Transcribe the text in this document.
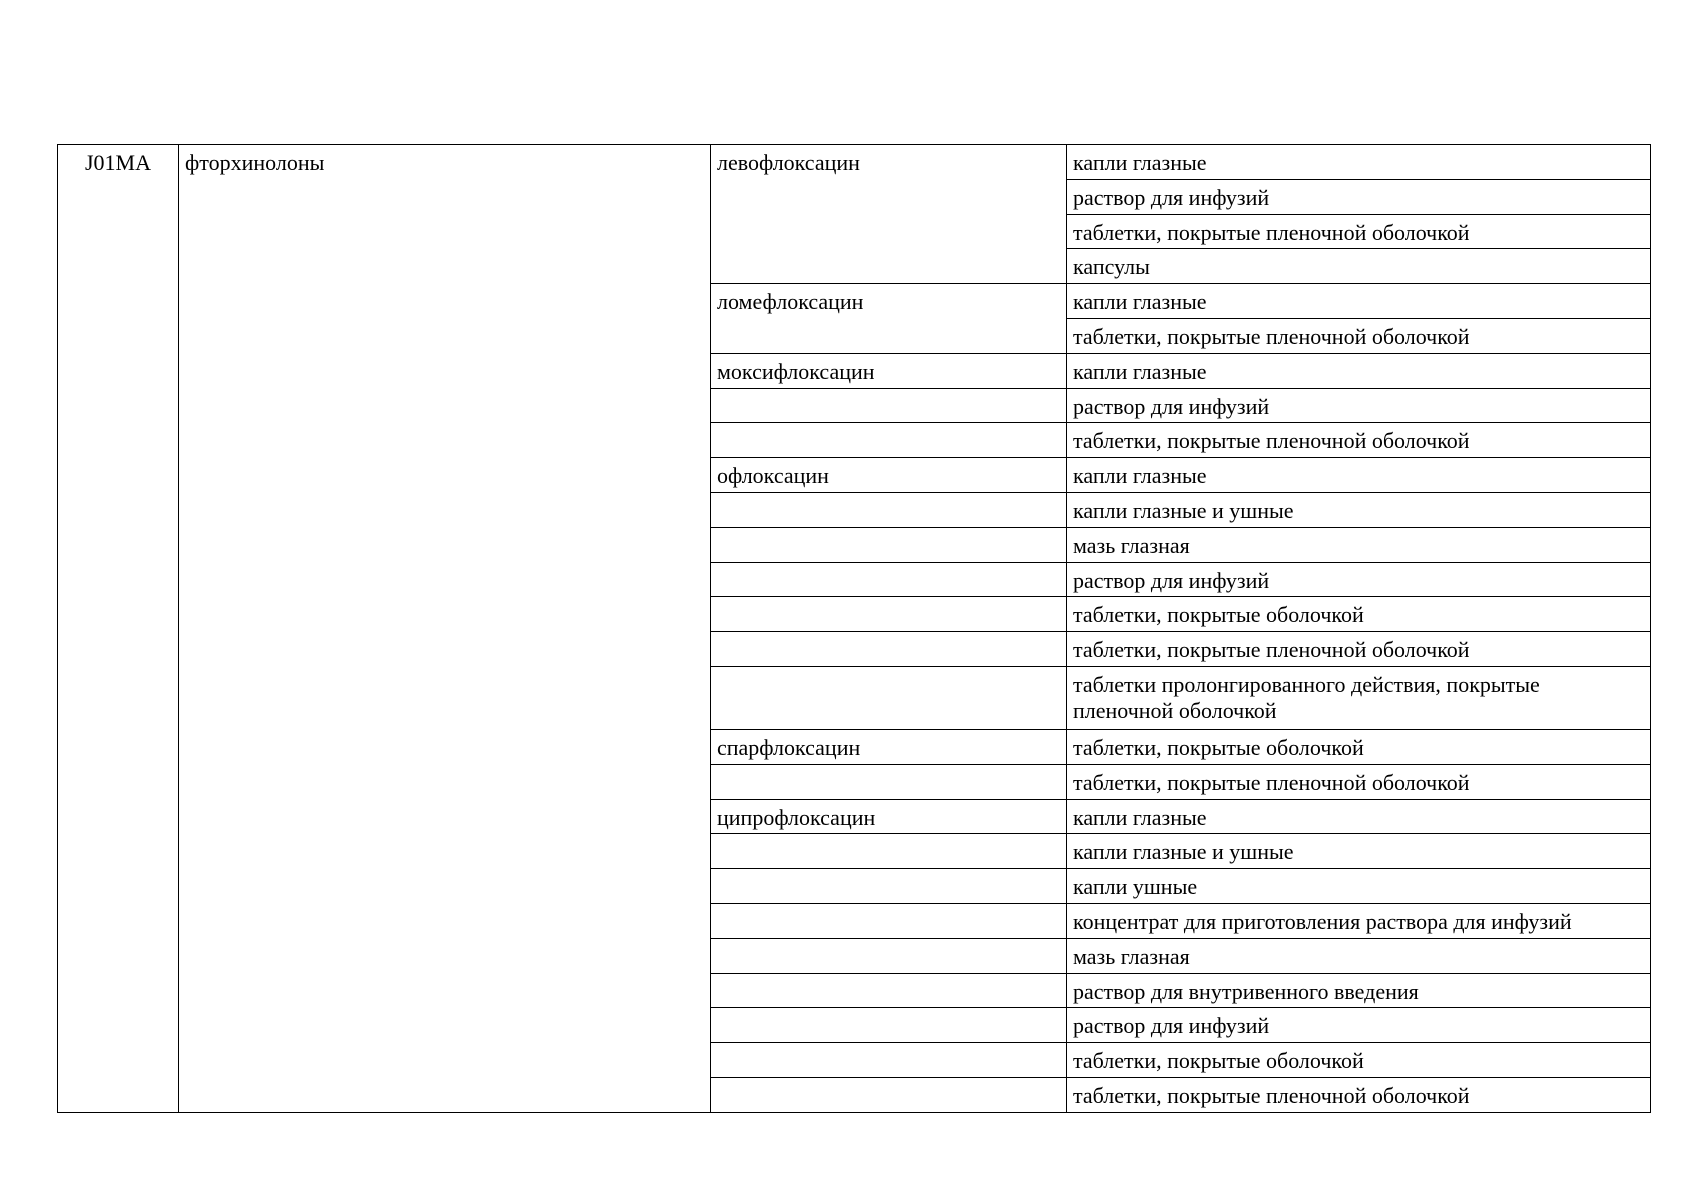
J01MA	фторхинолоны	левофлоксацин	капли глазные
			раствор для инфузий
			таблетки, покрытые пленочной оболочкой
			капсулы
		ломефлоксацин	капли глазные
			таблетки, покрытые пленочной оболочкой
		моксифлоксацин	капли глазные
			раствор для инфузий
			таблетки, покрытые пленочной оболочкой
		офлоксацин	капли глазные
			капли глазные и ушные
			мазь глазная
			раствор для инфузий
			таблетки, покрытые оболочкой
			таблетки, покрытые пленочной оболочкой
			таблетки пролонгированного действия, покрытые пленочной оболочкой
		спарфлоксацин	таблетки, покрытые оболочкой
			таблетки, покрытые пленочной оболочкой
		ципрофлоксацин	капли глазные
			капли глазные и ушные
			капли ушные
			концентрат для приготовления раствора для инфузий
			мазь глазная
			раствор для внутривенного введения
			раствор для инфузий
			таблетки, покрытые оболочкой
			таблетки, покрытые пленочной оболочкой
